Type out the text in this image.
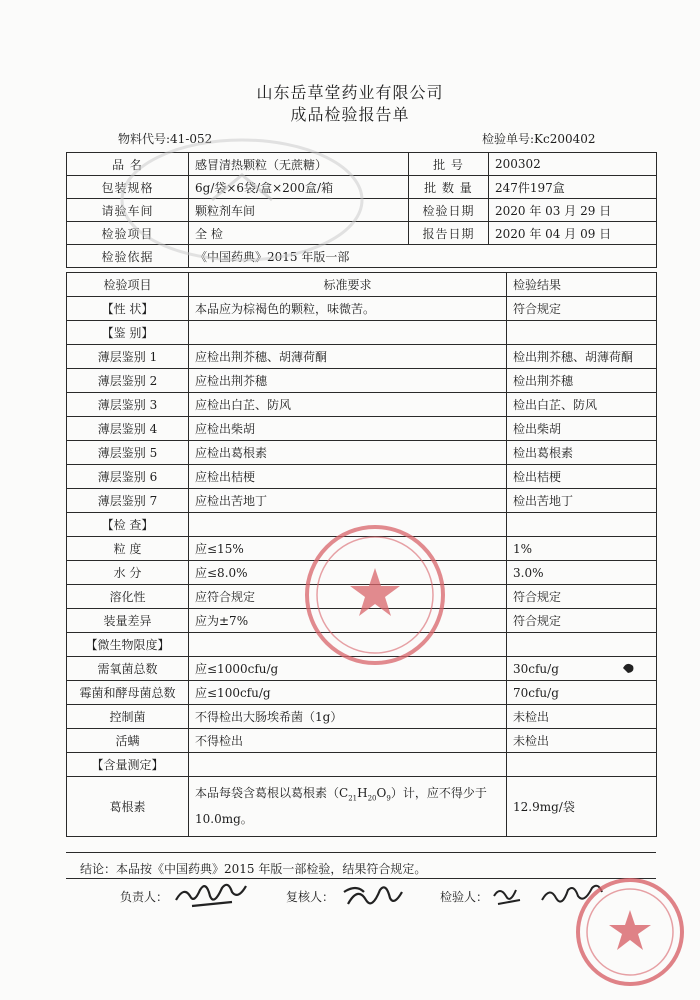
山东岳草堂药业有限公司
成品检验报告单
物料代号:41-052	检验单号:Kc200402
品 名	感冒清热颗粒（无蔗糖）	批 号	200302
包装规格	6g/袋×6袋/盒×200盒/箱	批 数 量	247件197盒
请验车间	颗粒剂车间	检验日期	2020 年 03 月 29 日
检验项目	全 检	报告日期	2020 年 04 月 09 日
检验依据	《中国药典》2015 年版一部		
检验项目	标准要求	检验结果
【性 状】	本品应为棕褐色的颗粒，味微苦。	符合规定
【鉴 别】		
薄层鉴别 1	应检出荆芥穗、胡薄荷酮	检出荆芥穗、胡薄荷酮
薄层鉴别 2	应检出荆芥穗	检出荆芥穗
薄层鉴别 3	应检出白芷、防风	检出白芷、防风
薄层鉴别 4	应检出柴胡	检出柴胡
薄层鉴别 5	应检出葛根素	检出葛根素
薄层鉴别 6	应检出桔梗	检出桔梗
薄层鉴别 7	应检出苦地丁	检出苦地丁
【检 查】		
粒 度	应≤15%	1%
水 分	应≤8.0%	3.0%
溶化性	应符合规定	符合规定
装量差异	应为±7%	符合规定
【微生物限度】		
需氧菌总数	应≤1000cfu/g	30cfu/g
霉菌和酵母菌总数	应≤100cfu/g	70cfu/g
控制菌	不得检出大肠埃希菌（1g）	未检出
活螨	不得检出	未检出
【含量测定】		
葛根素	本品每袋含葛根以葛根素$(C_{21}H_{20}O_9)$计，应不得少于 10.0mg。	12.9mg/袋
结论：本品按《中国药典》2015 年版一部检验，结果符合规定。
负责人：	复核人：	检验人：
